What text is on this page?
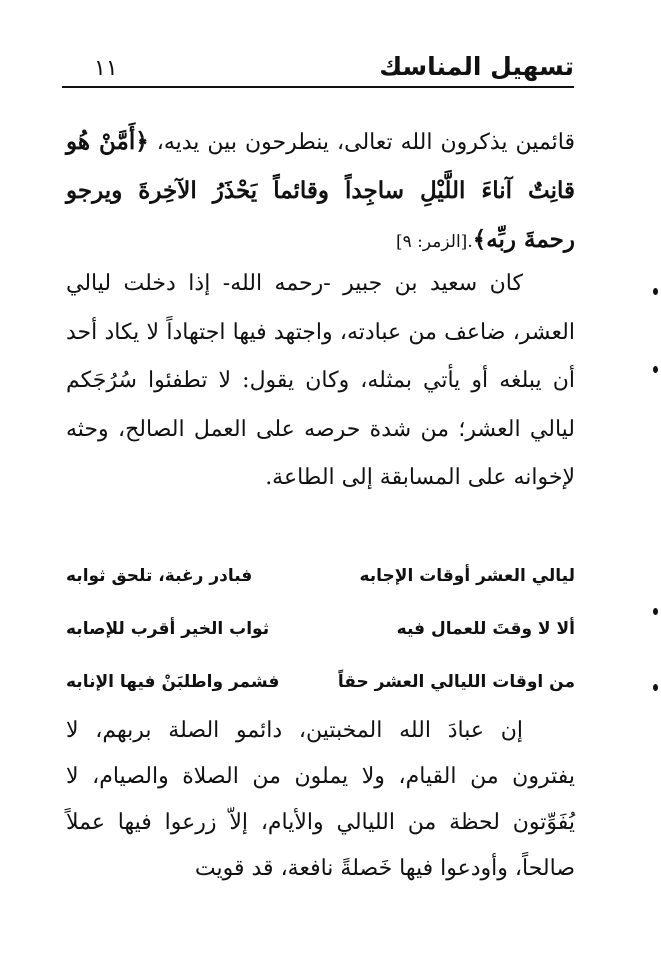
تسهيل المناسك
١١
قائمين يذكرون الله تعالى، ينطرحون بين يديه، ﴿أَمَّنْ هُو قانِتٌ آناءَ اللَّيْلِ ساجِداً وقائماً يَحْذَرُ الآخِرةَ ويرجو رحمةَ ربِّه﴾.[الزمر: ٩]
كان سعيد بن جبير -رحمه الله- إذا دخلت ليالي العشر، ضاعف من عبادته، واجتهد فيها اجتهاداً لا يكاد أحد أن يبلغه أو يأتي بمثله، وكان يقول: لا تطفئوا سُرُجَكم ليالي العشر؛ من شدة حرصه على العمل الصالح، وحثه لإخوانه على المسابقة إلى الطاعة.
ليالي العشر أوقات الإجابه
فبادر رغبة، تلحق ثوابه
ألا لا وقتَ للعمال فيه
ثواب الخير أقرب للإصابه
من اوقات الليالي العشر حقاً
فشمر واطلبَنْ فيها الإنابه
إن عبادَ الله المخبتين، دائمو الصلة بربهم، لا يفترون من القيام، ولا يملون من الصلاة والصيام، لا يُفَوِّتون لحظة من الليالي والأيام، إلاّ زرعوا فيها عملاً صالحاً، وأودعوا فيها خَصلةً نافعة، قد قويت
